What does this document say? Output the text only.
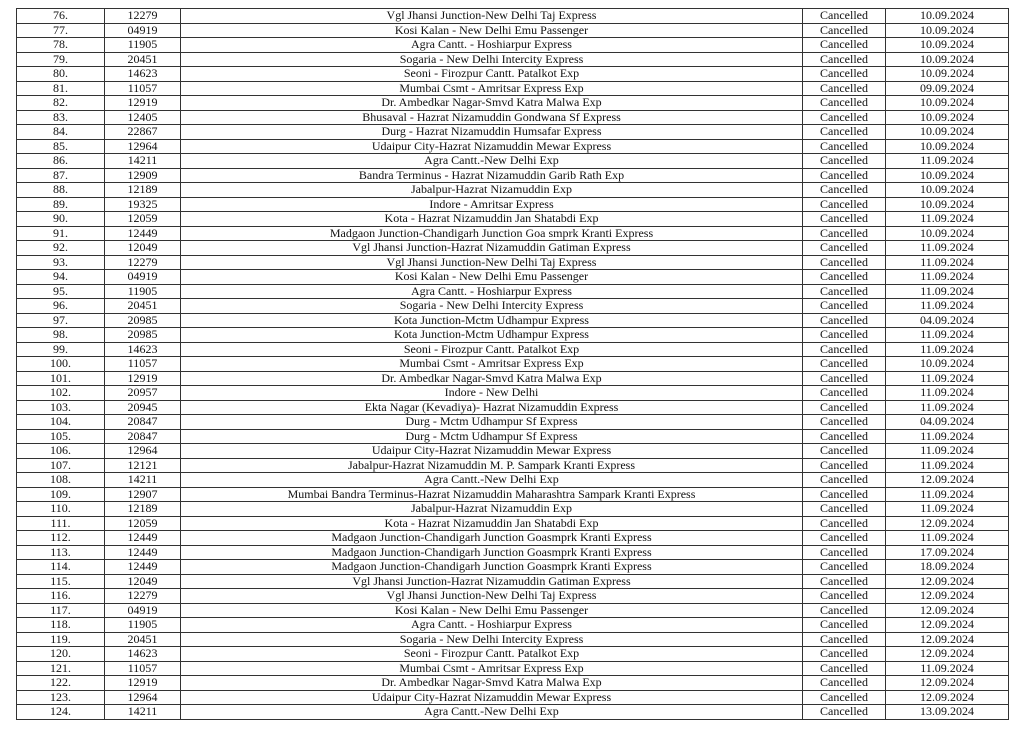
76.	12279	Vgl Jhansi Junction-New Delhi Taj Express	Cancelled	10.09.2024
77.	04919	Kosi Kalan - New Delhi Emu Passenger	Cancelled	10.09.2024
78.	11905	Agra Cantt. - Hoshiarpur Express	Cancelled	10.09.2024
79.	20451	Sogaria - New Delhi Intercity Express	Cancelled	10.09.2024
80.	14623	Seoni - Firozpur Cantt. Patalkot Exp	Cancelled	10.09.2024
81.	11057	Mumbai Csmt - Amritsar Express Exp	Cancelled	09.09.2024
82.	12919	Dr. Ambedkar Nagar-Smvd Katra Malwa Exp	Cancelled	10.09.2024
83.	12405	Bhusaval - Hazrat Nizamuddin Gondwana Sf Express	Cancelled	10.09.2024
84.	22867	Durg - Hazrat Nizamuddin Humsafar Express	Cancelled	10.09.2024
85.	12964	Udaipur City-Hazrat Nizamuddin Mewar Express	Cancelled	10.09.2024
86.	14211	Agra Cantt.-New Delhi Exp	Cancelled	11.09.2024
87.	12909	Bandra Terminus - Hazrat Nizamuddin Garib Rath Exp	Cancelled	10.09.2024
88.	12189	Jabalpur-Hazrat Nizamuddin Exp	Cancelled	10.09.2024
89.	19325	Indore - Amritsar Express	Cancelled	10.09.2024
90.	12059	Kota - Hazrat Nizamuddin Jan Shatabdi Exp	Cancelled	11.09.2024
91.	12449	Madgaon Junction-Chandigarh Junction Goa smprk Kranti Express	Cancelled	10.09.2024
92.	12049	Vgl Jhansi Junction-Hazrat Nizamuddin Gatiman Express	Cancelled	11.09.2024
93.	12279	Vgl Jhansi Junction-New Delhi Taj Express	Cancelled	11.09.2024
94.	04919	Kosi Kalan - New Delhi Emu Passenger	Cancelled	11.09.2024
95.	11905	Agra Cantt. - Hoshiarpur Express	Cancelled	11.09.2024
96.	20451	Sogaria - New Delhi Intercity Express	Cancelled	11.09.2024
97.	20985	Kota Junction-Mctm Udhampur Express	Cancelled	04.09.2024
98.	20985	Kota Junction-Mctm Udhampur Express	Cancelled	11.09.2024
99.	14623	Seoni - Firozpur Cantt. Patalkot Exp	Cancelled	11.09.2024
100.	11057	Mumbai Csmt - Amritsar Express Exp	Cancelled	10.09.2024
101.	12919	Dr. Ambedkar Nagar-Smvd Katra Malwa Exp	Cancelled	11.09.2024
102.	20957	Indore - New Delhi	Cancelled	11.09.2024
103.	20945	Ekta Nagar (Kevadiya)- Hazrat Nizamuddin Express	Cancelled	11.09.2024
104.	20847	Durg - Mctm Udhampur Sf Express	Cancelled	04.09.2024
105.	20847	Durg - Mctm Udhampur Sf Express	Cancelled	11.09.2024
106.	12964	Udaipur City-Hazrat Nizamuddin Mewar Express	Cancelled	11.09.2024
107.	12121	Jabalpur-Hazrat Nizamuddin M. P. Sampark Kranti Express	Cancelled	11.09.2024
108.	14211	Agra Cantt.-New Delhi Exp	Cancelled	12.09.2024
109.	12907	Mumbai Bandra Terminus-Hazrat Nizamuddin Maharashtra Sampark Kranti Express	Cancelled	11.09.2024
110.	12189	Jabalpur-Hazrat Nizamuddin Exp	Cancelled	11.09.2024
111.	12059	Kota - Hazrat Nizamuddin Jan Shatabdi Exp	Cancelled	12.09.2024
112.	12449	Madgaon Junction-Chandigarh Junction Goasmprk Kranti Express	Cancelled	11.09.2024
113.	12449	Madgaon Junction-Chandigarh Junction Goasmprk Kranti Express	Cancelled	17.09.2024
114.	12449	Madgaon Junction-Chandigarh Junction Goasmprk Kranti Express	Cancelled	18.09.2024
115.	12049	Vgl Jhansi Junction-Hazrat Nizamuddin Gatiman Express	Cancelled	12.09.2024
116.	12279	Vgl Jhansi Junction-New Delhi Taj Express	Cancelled	12.09.2024
117.	04919	Kosi Kalan - New Delhi Emu Passenger	Cancelled	12.09.2024
118.	11905	Agra Cantt. - Hoshiarpur Express	Cancelled	12.09.2024
119.	20451	Sogaria - New Delhi Intercity Express	Cancelled	12.09.2024
120.	14623	Seoni - Firozpur Cantt. Patalkot Exp	Cancelled	12.09.2024
121.	11057	Mumbai Csmt - Amritsar Express Exp	Cancelled	11.09.2024
122.	12919	Dr. Ambedkar Nagar-Smvd Katra Malwa Exp	Cancelled	12.09.2024
123.	12964	Udaipur City-Hazrat Nizamuddin Mewar Express	Cancelled	12.09.2024
124.	14211	Agra Cantt.-New Delhi Exp	Cancelled	13.09.2024
